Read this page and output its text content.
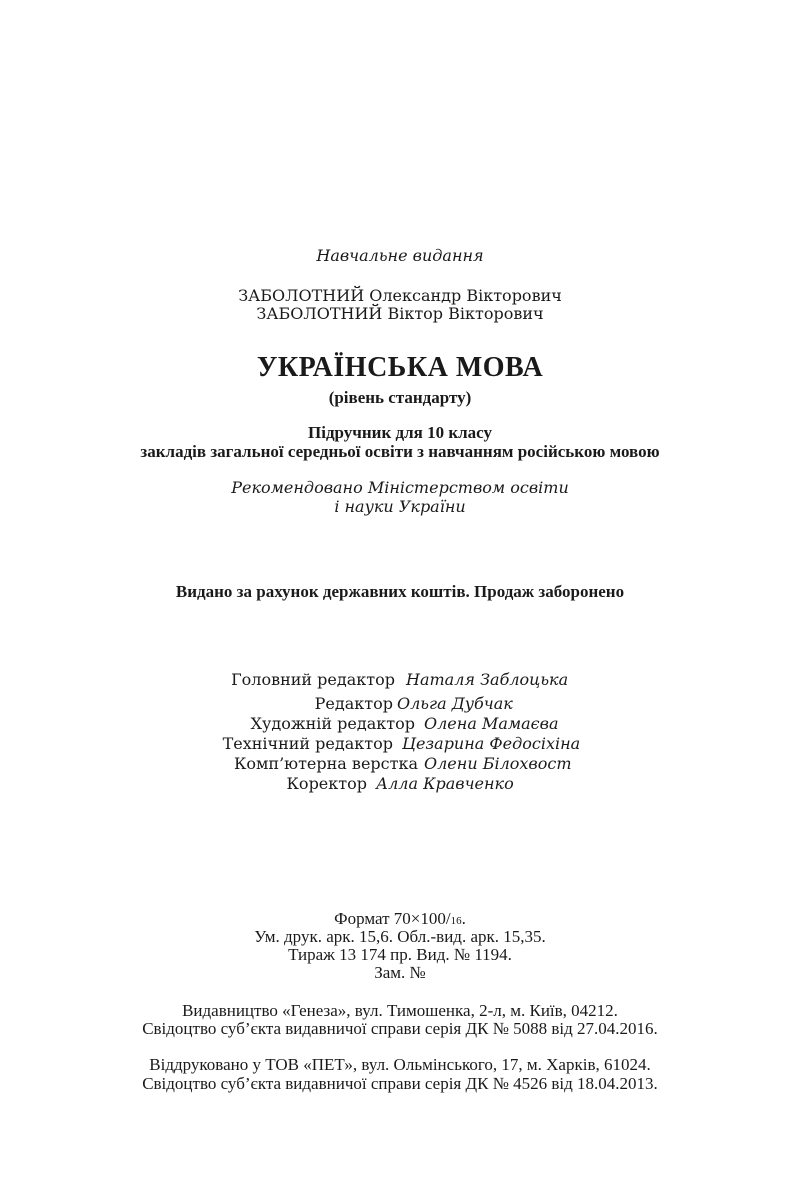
Навчальне видання
ЗАБОЛОТНИЙ Олександр Вікторович
ЗАБОЛОТНИЙ Віктор Вікторович
УКРАЇНСЬКА МОВА
(рівень стандарту)
Підручник для 10 класу
закладів загальної середньої освіти з навчанням російською мовою
Рекомендовано Міністерством освіти
і науки України
Видано за рахунок державних коштів. Продаж заборонено
Головний редактор Наталя Заблоцька
Редактор Ольга Дубчак
Художній редактор Олена Мамаєва
Технічний редактор Цезарина Федосіхіна
Комп’ютерна верстка Олени Білохвост
Коректор Алла Кравченко
Формат 70×100/16.
Ум. друк. арк. 15,6. Обл.-вид. арк. 15,35.
Тираж 13 174 пр. Вид. № 1194.
Зам. №
Видавництво «Генеза», вул. Тимошенка, 2-л, м. Київ, 04212.
Свідоцтво суб’єкта видавничої справи серія ДК № 5088 від 27.04.2016.
Віддруковано у ТОВ «ПЕТ», вул. Ольмінського, 17, м. Харків, 61024.
Свідоцтво суб’єкта видавничої справи серія ДК № 4526 від 18.04.2013.
